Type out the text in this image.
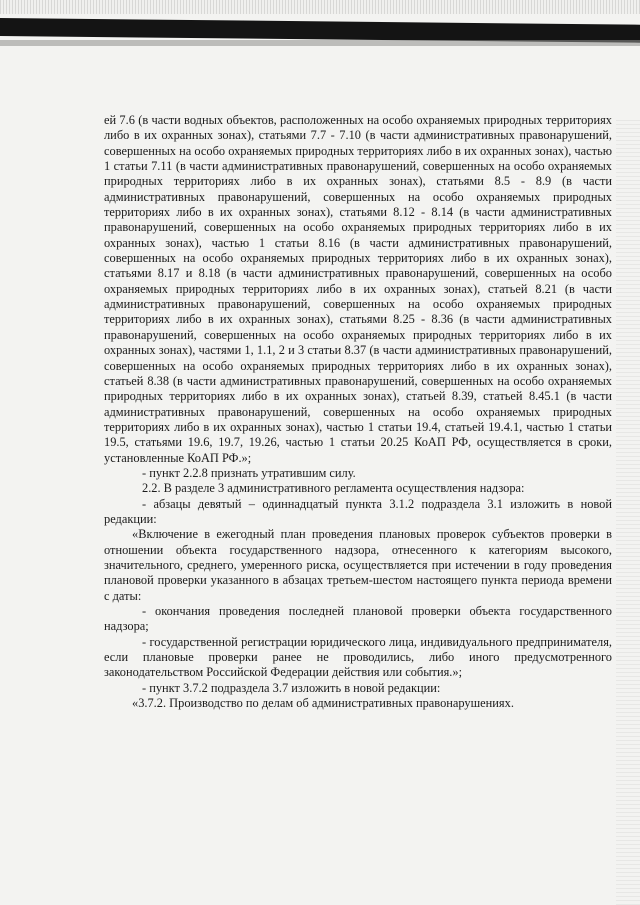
ей 7.6 (в части водных объектов, расположенных на особо охраняемых природных территориях либо в их охранных зонах), статьями 7.7 - 7.10 (в части административных правонарушений, совершенных на особо охраняемых природных территориях либо в их охранных зонах), частью 1 статьи 7.11 (в части административных правонарушений, совершенных на особо охраняемых природных территориях либо в их охранных зонах), статьями 8.5 - 8.9 (в части административных правонарушений, совершенных на особо охраняемых природных территориях либо в их охранных зонах), статьями 8.12 - 8.14 (в части административных правонарушений, совершенных на особо охраняемых природных территориях либо в их охранных зонах), частью 1 статьи 8.16 (в части административных правонарушений, совершенных на особо охраняемых природных территориях либо в их охранных зонах), статьями 8.17 и 8.18 (в части административных правонарушений, совершенных на особо охраняемых природных территориях либо в их охранных зонах), статьей 8.21 (в части административных правонарушений, совершенных на особо охраняемых природных территориях либо в их охранных зонах), статьями 8.25 - 8.36 (в части административных правонарушений, совершенных на особо охраняемых природных территориях либо в их охранных зонах), частями 1, 1.1, 2 и 3 статьи 8.37 (в части административных правонарушений, совершенных на особо охраняемых природных территориях либо в их охранных зонах), статьей 8.38 (в части административных правонарушений, совершенных на особо охраняемых природных территориях либо в их охранных зонах), статьей 8.39, статьей 8.45.1 (в части административных правонарушений, совершенных на особо охраняемых природных территориях либо в их охранных зонах), частью 1 статьи 19.4, статьей 19.4.1, частью 1 статьи 19.5, статьями 19.6, 19.7, 19.26, частью 1 статьи 20.25 КоАП РФ, осуществляется в сроки, установленные КоАП РФ.»;

- пункт 2.2.8 признать утратившим силу.

2.2. В разделе 3 административного регламента осуществления надзора:

- абзацы девятый – одиннадцатый пункта 3.1.2 подраздела 3.1 изложить в новой редакции:

«Включение в ежегодный план проведения плановых проверок субъектов проверки в отношении объекта государственного надзора, отнесенного к категориям высокого, значительного, среднего, умеренного риска, осуществляется при истечении в году проведения плановой проверки указанного в абзацах третьем-шестом настоящего пункта периода времени с даты:

- окончания проведения последней плановой проверки объекта государственного надзора;

- государственной регистрации юридического лица, индивидуального предпринимателя, если плановые проверки ранее не проводились, либо иного предусмотренного законодательством Российской Федерации действия или события.»;

- пункт 3.7.2 подраздела 3.7 изложить в новой редакции:

«3.7.2. Производство по делам об административных правонарушениях.
